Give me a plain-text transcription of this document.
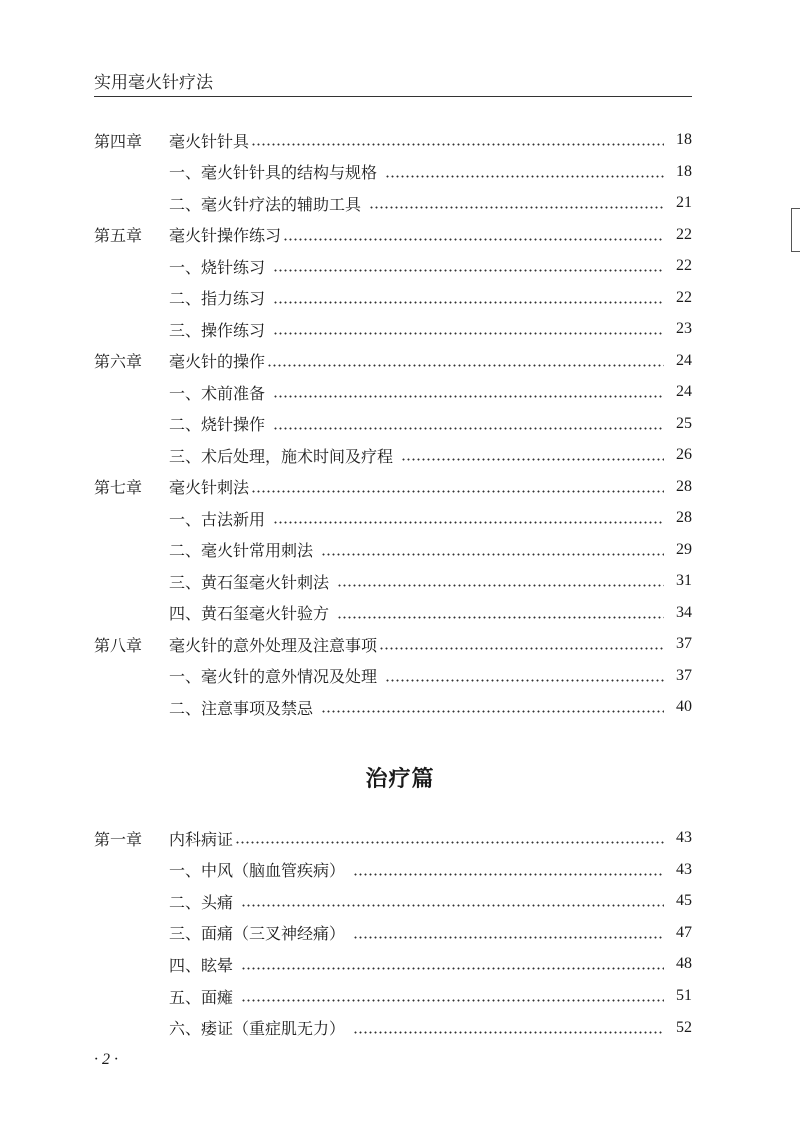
实用毫火针疗法
第四章	毫火针针具	18
一、毫火针针具的结构与规格	18
二、毫火针疗法的辅助工具	21
第五章	毫火针操作练习	22
一、烧针练习	22
二、指力练习	22
三、操作练习	23
第六章	毫火针的操作	24
一、术前准备	24
二、烧针操作	25
三、术后处理，施术时间及疗程	26
第七章	毫火针刺法	28
一、古法新用	28
二、毫火针常用刺法	29
三、黄石玺毫火针刺法	31
四、黄石玺毫火针验方	34
第八章	毫火针的意外处理及注意事项	37
一、毫火针的意外情况及处理	37
二、注意事项及禁忌	40
治疗篇
第一章	内科病证	43
一、中风（脑血管疾病）	43
二、头痛	45
三、面痛（三叉神经痛）	47
四、眩晕	48
五、面瘫	51
六、痿证（重症肌无力）	52
· 2 ·
